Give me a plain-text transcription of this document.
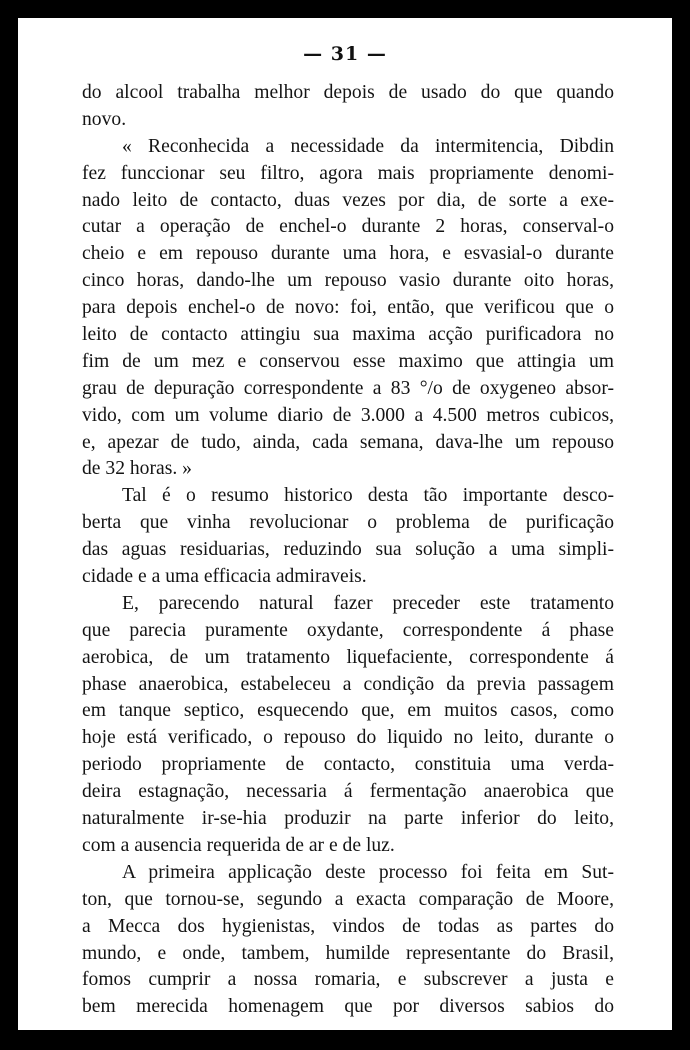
— 31 —
do alcool trabalha melhor depois de usado do que quando
novo.
« Reconhecida a necessidade da intermitencia, Dibdin
fez funccionar seu filtro, agora mais propriamente denomi-
nado leito de contacto, duas vezes por dia, de sorte a exe-
cutar a operação de enchel-o durante 2 horas, conserval-o
cheio e em repouso durante uma hora, e esvasial-o durante
cinco horas, dando-lhe um repouso vasio durante oito horas,
para depois enchel-o de novo: foi, então, que verificou que o
leito de contacto attingiu sua maxima acção purificadora no
fim de um mez e conservou esse maximo que attingia um
grau de depuração correspondente a 83 °/o de oxygeneo absor-
vido, com um volume diario de 3.000 a 4.500 metros cubicos,
e, apezar de tudo, ainda, cada semana, dava-lhe um repouso
de 32 horas. »
Tal é o resumo historico desta tão importante desco-
berta que vinha revolucionar o problema de purificação
das aguas residuarias, reduzindo sua solução a uma simpli-
cidade e a uma efficacia admiraveis.
E, parecendo natural fazer preceder este tratamento
que parecia puramente oxydante, correspondente á phase
aerobica, de um tratamento liquefaciente, correspondente á
phase anaerobica, estabeleceu a condição da previa passagem
em tanque septico, esquecendo que, em muitos casos, como
hoje está verificado, o repouso do liquido no leito, durante o
periodo propriamente de contacto, constituia uma verda-
deira estagnação, necessaria á fermentação anaerobica que
naturalmente ir-se-hia produzir na parte inferior do leito,
com a ausencia requerida de ar e de luz.
A primeira applicação deste processo foi feita em Sut-
ton, que tornou-se, segundo a exacta comparação de Moore,
a Mecca dos hygienistas, vindos de todas as partes do
mundo, e onde, tambem, humilde representante do Brasil,
fomos cumprir a nossa romaria, e subscrever a justa e
bem merecida homenagem que por diversos sabios do
